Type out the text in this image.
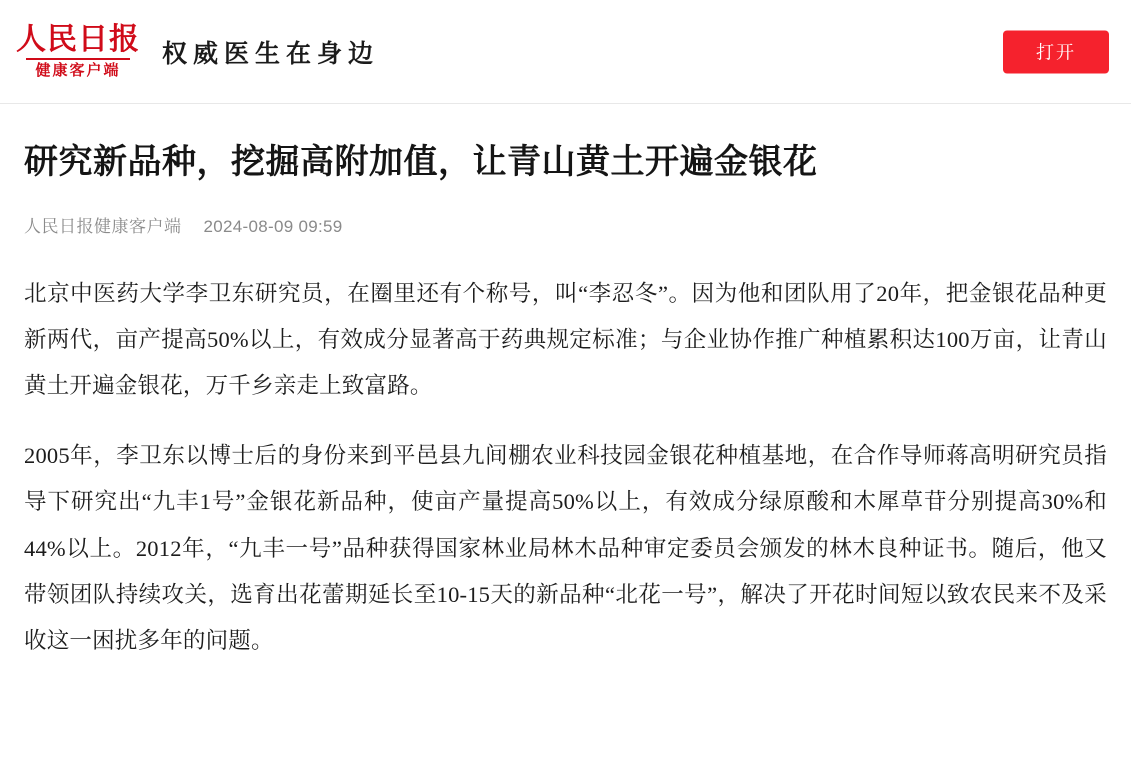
人民日报
健康客户端
权威医生在身边	打开
研究新品种，挖掘高附加值，让青山黄土开遍金银花
人民日报健康客户端 2024-08-09 09:59

北京中医药大学李卫东研究员，在圈里还有个称号，叫“李忍冬”。因为他和团队用了20年，把金银花品种更新两代，亩产提高50%以上，有效成分显著高于药典规定标准；与企业协作推广种植累积达100万亩，让青山黄土开遍金银花，万千乡亲走上致富路。

2005年，李卫东以博士后的身份来到平邑县九间棚农业科技园金银花种植基地，在合作导师蒋高明研究员指导下研究出“九丰1号”金银花新品种，使亩产量提高50%以上，有效成分绿原酸和木犀草苷分别提高30%和44%以上。2012年，“九丰一号”品种获得国家林业局林木品种审定委员会颁发的林木良种证书。随后，他又带领团队持续攻关，选育出花蕾期延长至10-15天的新品种“北花一号”，解决了开花时间短以致农民来不及采收这一困扰多年的问题。
